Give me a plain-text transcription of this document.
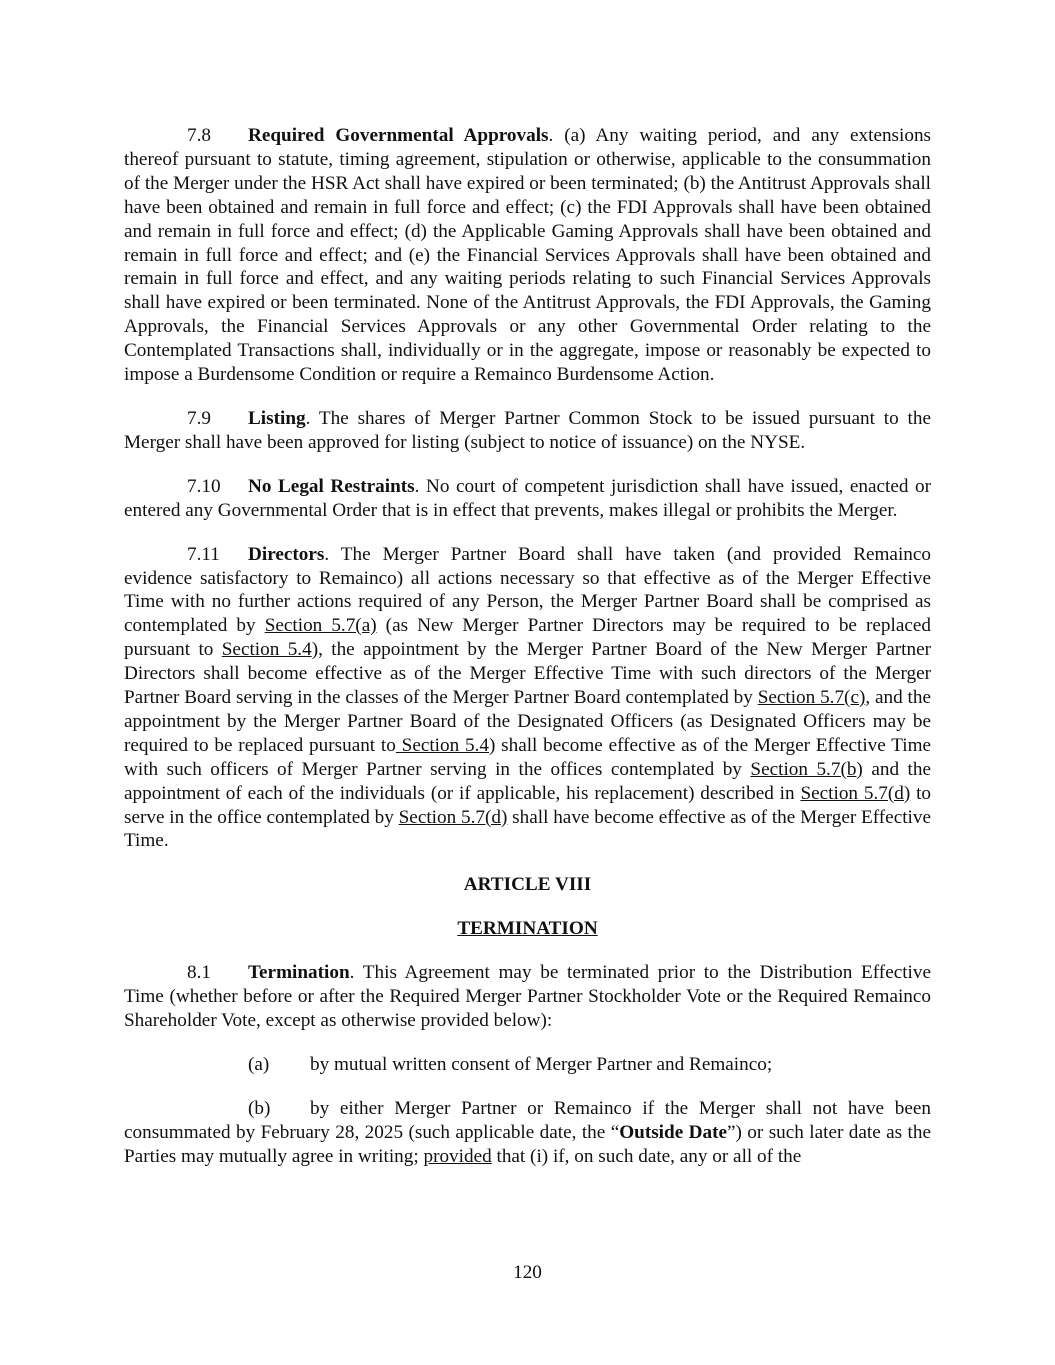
7.8 Required Governmental Approvals. (a) Any waiting period, and any extensions thereof pursuant to statute, timing agreement, stipulation or otherwise, applicable to the consummation of the Merger under the HSR Act shall have expired or been terminated; (b) the Antitrust Approvals shall have been obtained and remain in full force and effect; (c) the FDI Approvals shall have been obtained and remain in full force and effect; (d) the Applicable Gaming Approvals shall have been obtained and remain in full force and effect; and (e) the Financial Services Approvals shall have been obtained and remain in full force and effect, and any waiting periods relating to such Financial Services Approvals shall have expired or been terminated. None of the Antitrust Approvals, the FDI Approvals, the Gaming Approvals, the Financial Services Approvals or any other Governmental Order relating to the Contemplated Transactions shall, individually or in the aggregate, impose or reasonably be expected to impose a Burdensome Condition or require a Remainco Burdensome Action.

7.9 Listing. The shares of Merger Partner Common Stock to be issued pursuant to the Merger shall have been approved for listing (subject to notice of issuance) on the NYSE.

7.10 No Legal Restraints. No court of competent jurisdiction shall have issued, enacted or entered any Governmental Order that is in effect that prevents, makes illegal or prohibits the Merger.

7.11 Directors. The Merger Partner Board shall have taken (and provided Remainco evidence satisfactory to Remainco) all actions necessary so that effective as of the Merger Effective Time with no further actions required of any Person, the Merger Partner Board shall be comprised as contemplated by Section 5.7(a) (as New Merger Partner Directors may be required to be replaced pursuant to Section 5.4), the appointment by the Merger Partner Board of the New Merger Partner Directors shall become effective as of the Merger Effective Time with such directors of the Merger Partner Board serving in the classes of the Merger Partner Board contemplated by Section 5.7(c), and the appointment by the Merger Partner Board of the Designated Officers (as Designated Officers may be required to be replaced pursuant to Section 5.4) shall become effective as of the Merger Effective Time with such officers of Merger Partner serving in the offices contemplated by Section 5.7(b) and the appointment of each of the individuals (or if applicable, his replacement) described in Section 5.7(d) to serve in the office contemplated by Section 5.7(d) shall have become effective as of the Merger Effective Time.

ARTICLE VIII

TERMINATION

8.1 Termination. This Agreement may be terminated prior to the Distribution Effective Time (whether before or after the Required Merger Partner Stockholder Vote or the Required Remainco Shareholder Vote, except as otherwise provided below):

(a) by mutual written consent of Merger Partner and Remainco;

(b) by either Merger Partner or Remainco if the Merger shall not have been consummated by February 28, 2025 (such applicable date, the “Outside Date”) or such later date as the Parties may mutually agree in writing; provided that (i) if, on such date, any or all of the

120
